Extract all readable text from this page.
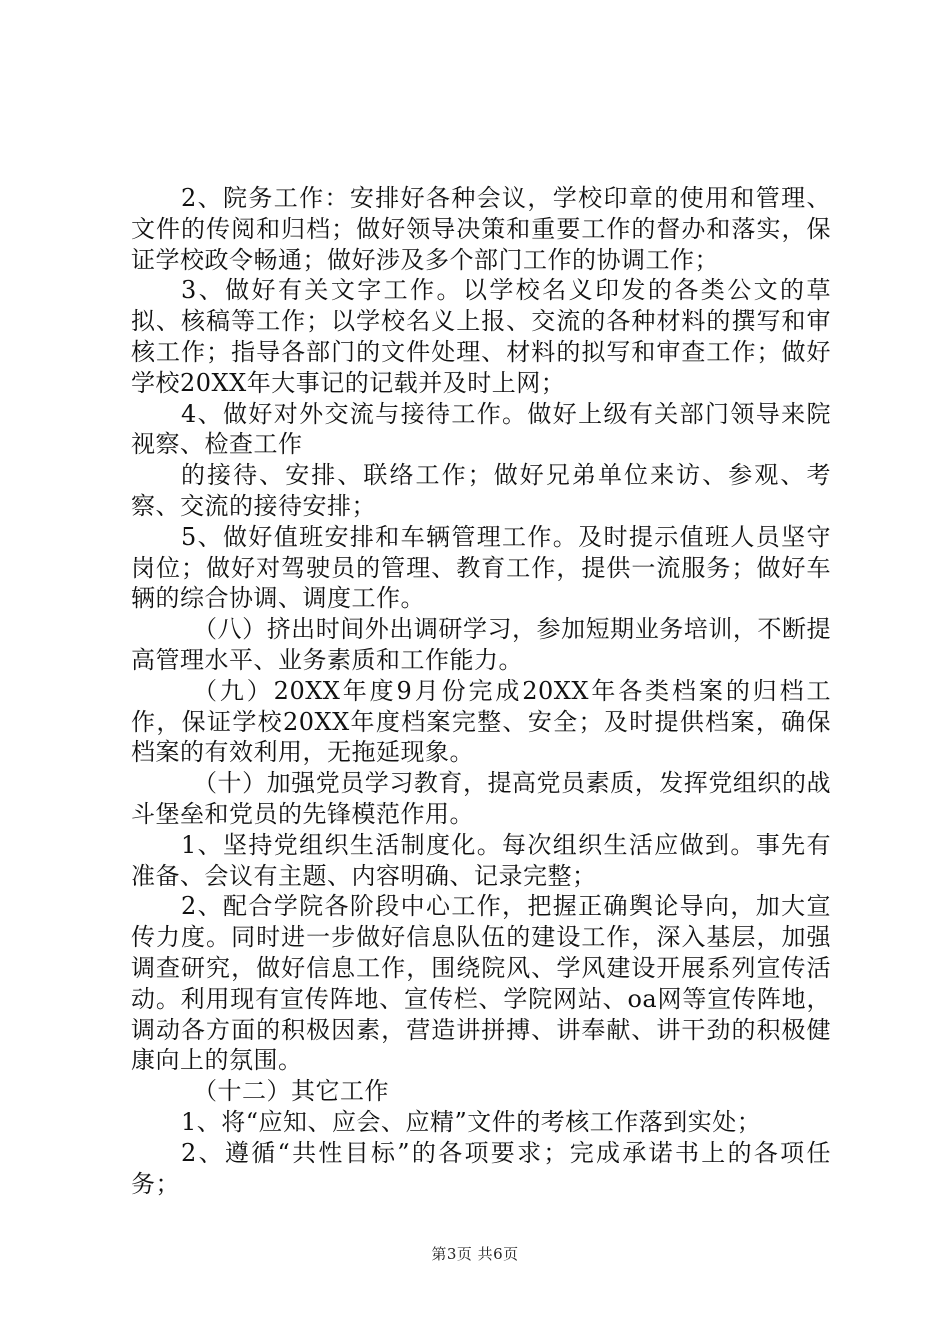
2、院务工作：安排好各种会议，学校印章的使用和管理、文件的传阅和归档；做好领导决策和重要工作的督办和落实，保证学校政令畅通；做好涉及多个部门工作的协调工作；

3、做好有关文字工作。以学校名义印发的各类公文的草拟、核稿等工作；以学校名义上报、交流的各种材料的撰写和审核工作；指导各部门的文件处理、材料的拟写和审查工作；做好学校20XX年大事记的记载并及时上网；

4、做好对外交流与接待工作。做好上级有关部门领导来院视察、检查工作

的接待、安排、联络工作；做好兄弟单位来访、参观、考察、交流的接待安排；

5、做好值班安排和车辆管理工作。及时提示值班人员坚守岗位；做好对驾驶员的管理、教育工作，提供一流服务；做好车辆的综合协调、调度工作。

（八）挤出时间外出调研学习，参加短期业务培训，不断提高管理水平、业务素质和工作能力。

（九）20XX年度9月份完成20XX年各类档案的归档工作，保证学校20XX年度档案完整、安全；及时提供档案，确保档案的有效利用，无拖延现象。

（十）加强党员学习教育，提高党员素质，发挥党组织的战斗堡垒和党员的先锋模范作用。

1、坚持党组织生活制度化。每次组织生活应做到。事先有准备、会议有主题、内容明确、记录完整；

2、配合学院各阶段中心工作，把握正确舆论导向，加大宣传力度。同时进一步做好信息队伍的建设工作，深入基层，加强调查研究，做好信息工作，围绕院风、学风建设开展系列宣传活动。利用现有宣传阵地、宣传栏、学院网站、oa网等宣传阵地，调动各方面的积极因素，营造讲拼搏、讲奉献、讲干劲的积极健康向上的氛围。

（十二）其它工作

1、将“应知、应会、应精”文件的考核工作落到实处；

2、遵循“共性目标”的各项要求；完成承诺书上的各项任务；

第3页 共6页
